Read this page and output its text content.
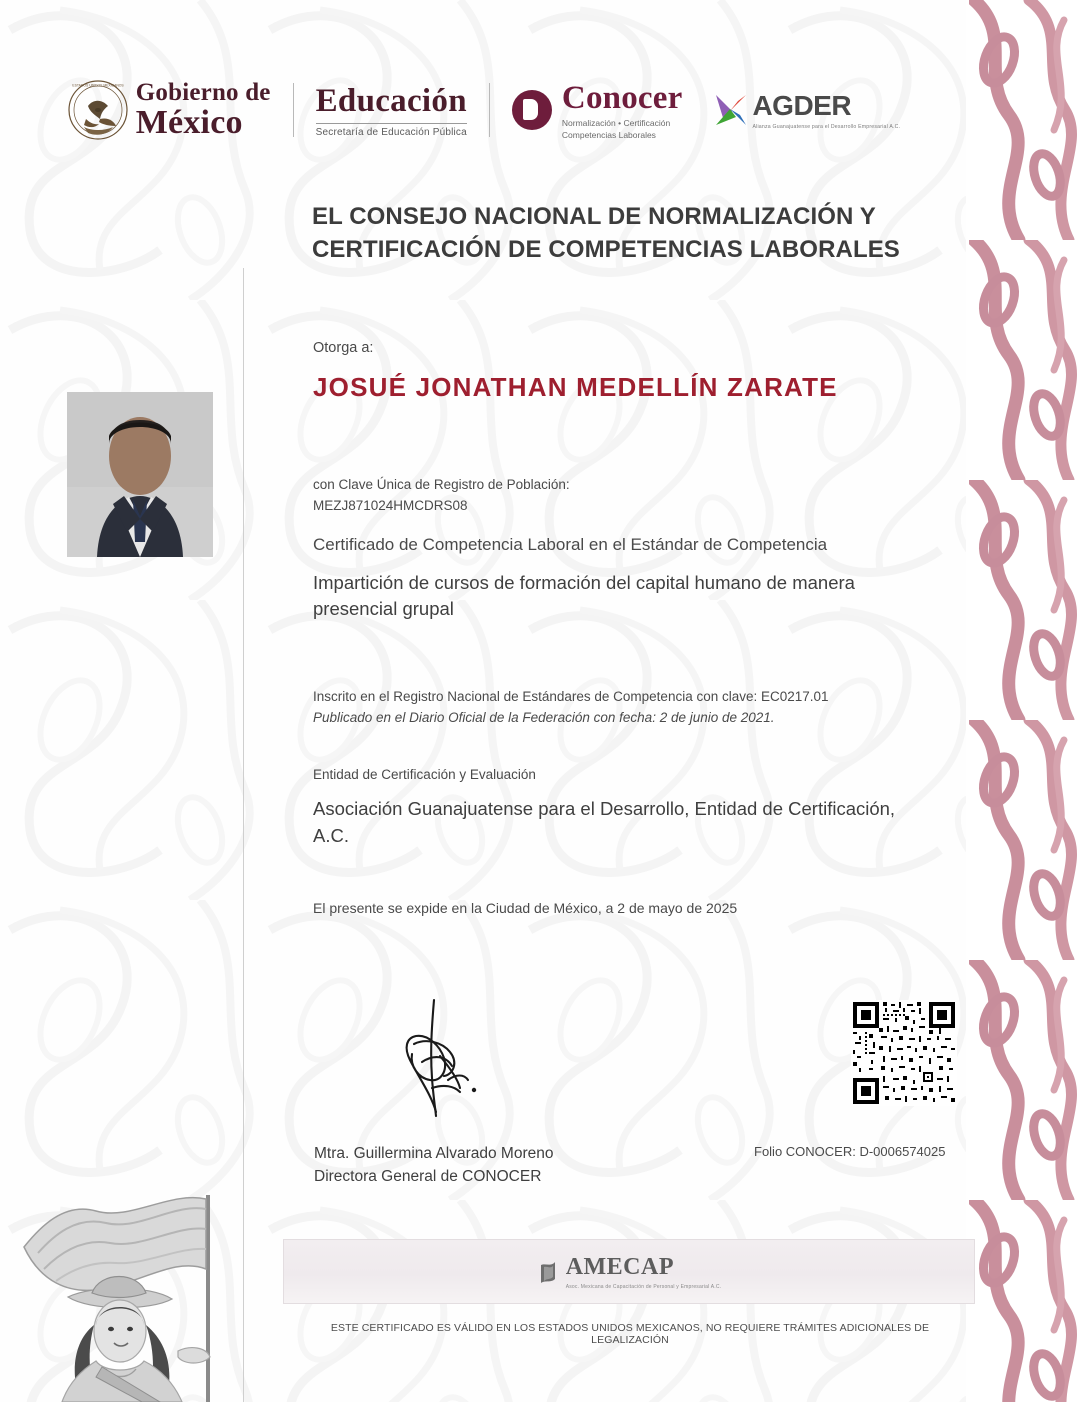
ESTADOS UNIDOS MEXICANOS Gobierno de
México
Educación
Secretaría de Educación Pública
Conocer
Normalización • Certificación
Competencias Laborales
AGDER
Alianza Guanajuatense para el Desarrollo Empresarial A.C.
EL CONSEJO NACIONAL DE NORMALIZACIÓN Y CERTIFICACIÓN DE COMPETENCIAS LABORALES
Otorga a:
JOSUÉ JONATHAN MEDELLÍN ZARATE
con Clave Única de Registro de Población:
MEZJ871024HMCDRS08
Certificado de Competencia Laboral en el Estándar de Competencia
Impartición de cursos de formación del capital humano de manera presencial grupal
Inscrito en el Registro Nacional de Estándares de Competencia con clave: EC0217.01
Publicado en el Diario Oficial de la Federación con fecha: 2 de junio de 2021.
Entidad de Certificación y Evaluación
Asociación Guanajuatense para el Desarrollo, Entidad de Certificación, A.C.
El presente se expide en la Ciudad de México, a 2 de mayo de 2025
Mtra. Guillermina Alvarado Moreno
Directora General de CONOCER
Folio CONOCER: D-0006574025
AMECAP
Asoc. Mexicana de Capacitación de Personal y Empresarial A.C.
ESTE CERTIFICADO ES VÁLIDO EN LOS ESTADOS UNIDOS MEXICANOS, NO REQUIERE TRÁMITES ADICIONALES DE LEGALIZACIÓN
